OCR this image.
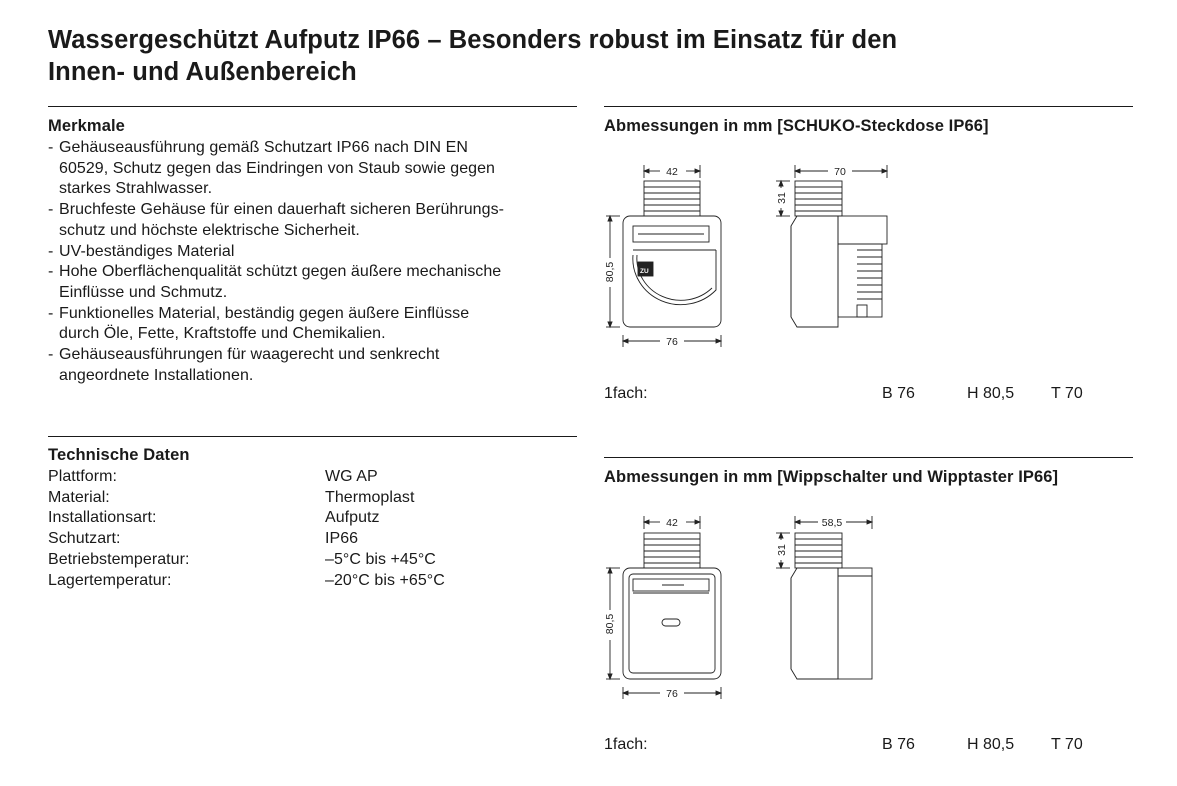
Wassergeschützt Aufputz IP66 – Besonders robust im Einsatz für den
Innen- und Außenbereich
Merkmale
- Gehäuseausführung gemäß Schutzart IP66 nach DIN EN
60529, Schutz gegen das Eindringen von Staub sowie gegen
starkes Strahlwasser.
- Bruchfeste Gehäuse für einen dauerhaft sicheren Berührungs-
schutz und höchste elektrische Sicherheit.
- UV-beständiges Material
- Hohe Oberflächenqualität schützt gegen äußere mechanische
Einflüsse und Schmutz.
- Funktionelles Material, beständig gegen äußere Einflüsse
durch Öle, Fette, Kraftstoffe und Chemikalien.
- Gehäuseausführungen für waagerecht und senkrecht
angeordnete Installationen.
Technische Daten
Plattform:	WG AP
Material:	Thermoplast
Installationsart:	Aufputz
Schutzart:	IP66
Betriebstemperatur:	–5°C bis +45°C
Lagertemperatur:	–20°C bis +65°C
Abmessungen in mm [SCHUKO-Steckdose IP66]
ZU
42
80,5
76
70
31
1fach:	B 76	H 80,5 T 70
Abmessungen in mm [Wippschalter und Wipptaster IP66]
42
80,5
76
58,5
31
1fach:	B 76	H 80,5 T 70
